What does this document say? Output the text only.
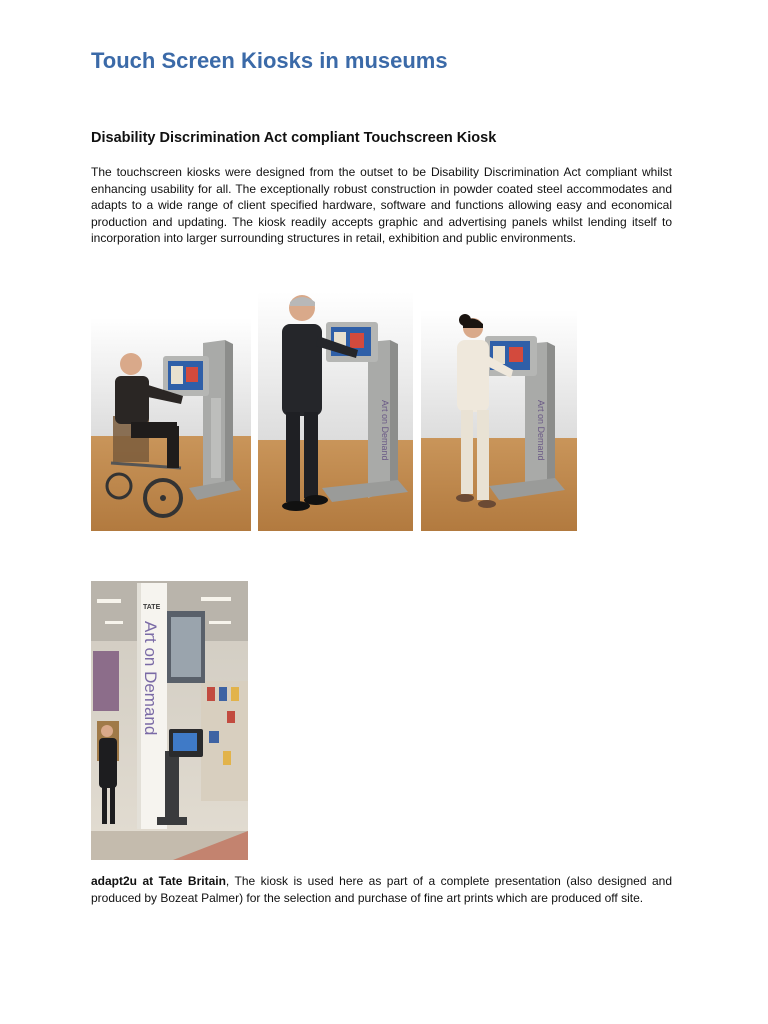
Touch Screen Kiosks in museums
Disability Discrimination Act compliant Touchscreen Kiosk

The touchscreen kiosks were designed from the outset to be Disability Discrimination Act compliant whilst enhancing usability for all. The exceptionally robust construction in powder coated steel accommodates and adapts to a wide range of client specified hardware, software and functions allowing easy and economical production and updating. The kiosk readily accepts graphic and advertising panels whilst lending itself to incorporation into larger surrounding structures in retail, exhibition and public environments.

Art on Demand	Art on Demand
TATE
Art on Demand

adapt2u at Tate Britain, The kiosk is used here as part of a complete presentation (also designed and produced by Bozeat Palmer) for the selection and purchase of fine art prints which are produced off site.
